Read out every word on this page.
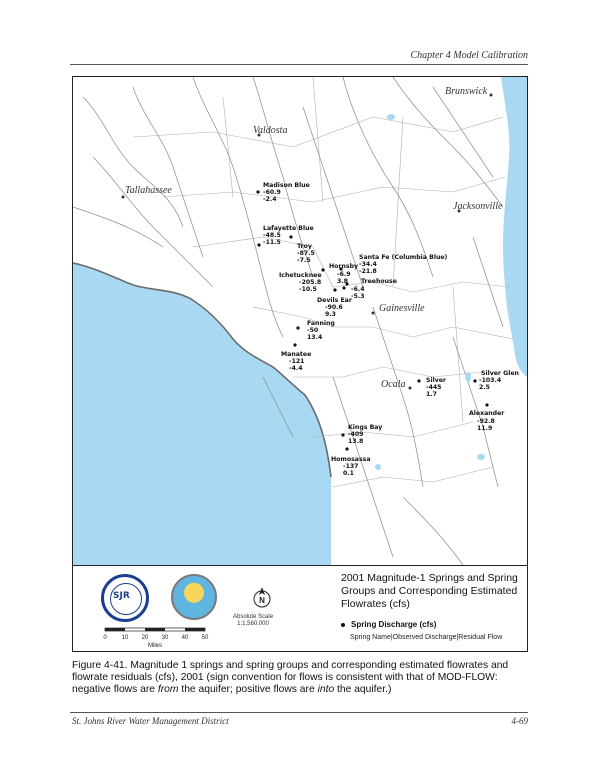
Chapter 4 Model Calibration
Brunswick
Valdosta
Tallahassee
Jacksonville
Gainesville
Ocala
Madison Blue
-60.9
-2.4
Lafayette Blue
-48.5
-11.5
Troy
-87.5
-7.5
Ichetucknee
-205.8
-10.5
Santa Fe (Columbia Blue)
-34.4
-21.8
Hornsby
-6.9
3.8 Treehouse
-6.4
-5.3
Devils Ear
-90.6
9.3
Fanning
-50
13.4
Manatee
-121
-4.4
Silver
-445
1.7
Silver Glen
-103.4
2.5
Alexander
-92.8
11.9
Kings Bay
-409
13.8
Homosassa
-137
0.1
SJR
0 10 20 30 40 50
Miles
N
Absolute Scale
1:1,560,000
2001 Magnitude-1 Springs and Spring Groups and Corresponding Estimated Flowrates (cfs)
Spring Discharge (cfs)
Spring Name|Observed Discharge|Residual Flow
Figure 4-41. Magnitude 1 springs and spring groups and corresponding estimated flowrates and flowrate residuals (cfs), 2001 (sign convention for flows is consistent with that of MOD-FLOW: negative flows are from the aquifer; positive flows are into the aquifer.)
St. Johns River Water Management District	4-69
